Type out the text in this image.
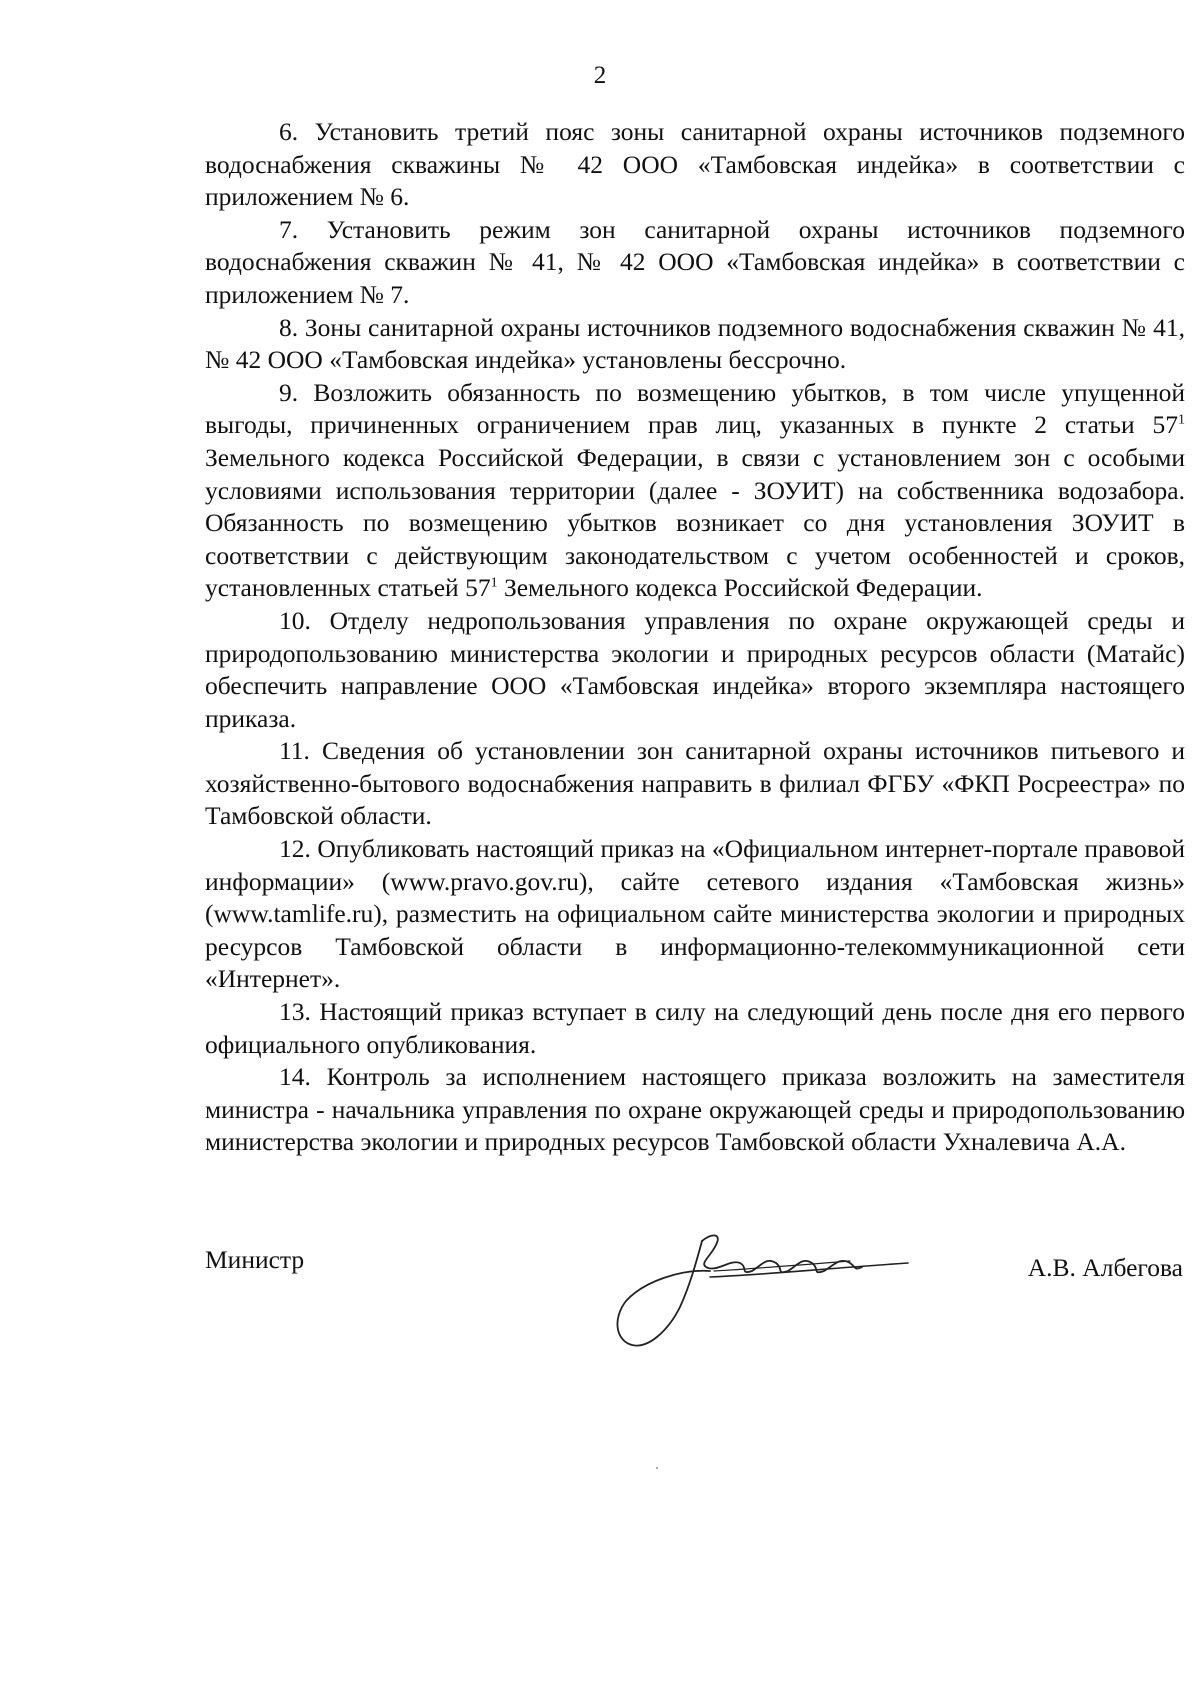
2

6. Установить третий пояс зоны санитарной охраны источников подземного водоснабжения скважины № 42 ООО «Тамбовская индейка» в соответствии с приложением № 6.

7. Установить режим зон санитарной охраны источников подземного водоснабжения скважин № 41, № 42 ООО «Тамбовская индейка» в соответствии с приложением № 7.

8. Зоны санитарной охраны источников подземного водоснабжения скважин № 41, № 42 ООО «Тамбовская индейка» установлены бессрочно.

9. Возложить обязанность по возмещению убытков, в том числе упущенной выгоды, причиненных ограничением прав лиц, указанных в пункте 2 статьи $57^1$ Земельного кодекса Российской Федерации, в связи с установлением зон с особыми условиями использования территории (далее - ЗОУИТ) на собственника водозабора. Обязанность по возмещению убытков возникает со дня установления ЗОУИТ в соответствии с действующим законодательством с учетом особенностей и сроков, установленных статьей $57^1$ Земельного кодекса Российской Федерации.

10. Отделу недропользования управления по охране окружающей среды и природопользованию министерства экологии и природных ресурсов области (Матайс) обеспечить направление ООО «Тамбовская индейка» второго экземпляра настоящего приказа.

11. Сведения об установлении зон санитарной охраны источников питьевого и хозяйственно-бытового водоснабжения направить в филиал ФГБУ «ФКП Росреестра» по Тамбовской области.

12. Опубликовать настоящий приказ на «Официальном интернет-портале правовой информации» (www.pravo.gov.ru), сайте сетевого издания «Тамбовская жизнь» (www.tamlife.ru), разместить на официальном сайте министерства экологии и природных ресурсов Тамбовской области в информационно-телекоммуникационной сети «Интернет».

13. Настоящий приказ вступает в силу на следующий день после дня его первого официального опубликования.

14. Контроль за исполнением настоящего приказа возложить на заместителя министра - начальника управления по охране окружающей среды и природопользованию министерства экологии и природных ресурсов Тамбовской области Ухналевича А.А.

Министр	А.В. Албегова
